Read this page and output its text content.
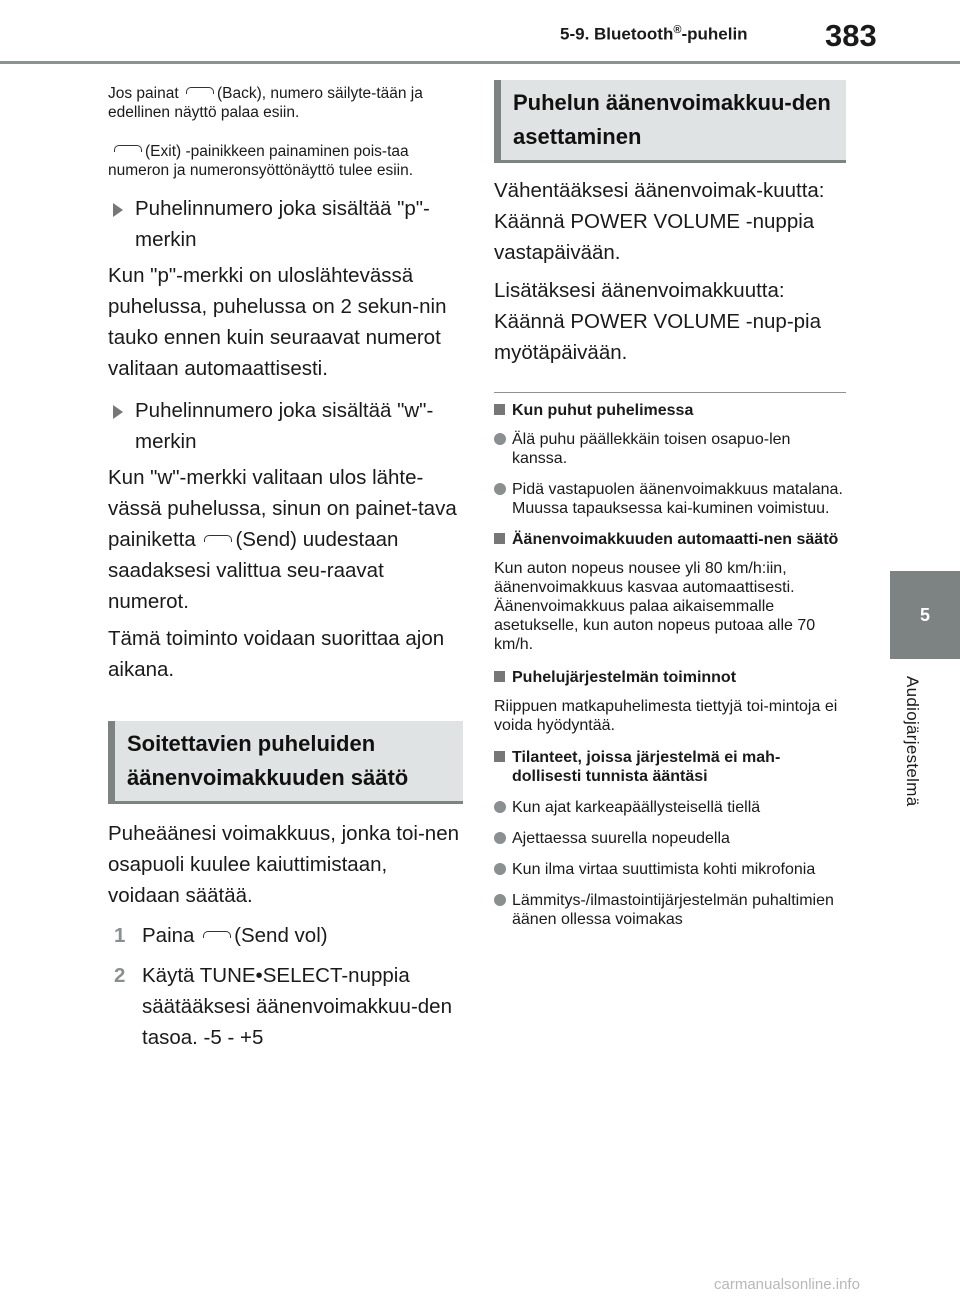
5-9. Bluetooth®-puhelin 383
5
Audiojärjestelmä

Jos painat (Back), numero säilyte-tään ja edellinen näyttö palaa esiin.

(Exit) -painikkeen painaminen pois-taa numeron ja numeronsyöttönäyttö tulee esiin.

Puhelinnumero joka sisältää "p"-merkin

Kun "p"-merkki on uloslähtevässä puhelussa, puhelussa on 2 sekun-nin tauko ennen kuin seuraavat numerot valitaan automaattisesti.

Puhelinnumero joka sisältää "w"-merkin

Kun "w"-merkki valitaan ulos lähte-vässä puhelussa, sinun on painet-tava painiketta (Send) uudestaan saadaksesi valittua seu-raavat numerot.

Tämä toiminto voidaan suorittaa ajon aikana.

Soitettavien puheluiden äänenvoimakkuuden säätö

Puheäänesi voimakkuus, jonka toi-nen osapuoli kuulee kaiuttimistaan, voidaan säätää.

1 Paina (Send vol)

2 Käytä TUNE•SELECT-nuppia säätääksesi äänenvoimakkuu-den tasoa. -5 - +5

Puhelun äänenvoimakkuu-den asettaminen

Vähentääksesi äänenvoimak-kuutta: Käännä POWER VOLUME -nuppia vastapäivään.

Lisätäksesi äänenvoimakkuutta: Käännä POWER VOLUME -nup-pia myötäpäivään.

Kun puhut puhelimessa

Älä puhu päällekkäin toisen osapuo-len kanssa.

Pidä vastapuolen äänenvoimakkuus matalana. Muussa tapauksessa kai-kuminen voimistuu.

Äänenvoimakkuuden automaatti-nen säätö

Kun auton nopeus nousee yli 80 km/h:iin, äänenvoimakkuus kasvaa automaattisesti. Äänenvoimakkuus palaa aikaisemmalle asetukselle, kun auton nopeus putoaa alle 70 km/h.

Puhelujärjestelmän toiminnot

Riippuen matkapuhelimesta tiettyjä toi-mintoja ei voida hyödyntää.

Tilanteet, joissa järjestelmä ei mah-dollisesti tunnista ääntäsi

Kun ajat karkeapäällysteisellä tiellä

Ajettaessa suurella nopeudella

Kun ilma virtaa suuttimista kohti mikrofonia

Lämmitys-/ilmastointijärjestelmän puhaltimien äänen ollessa voimakas

carmanualsonline.info
